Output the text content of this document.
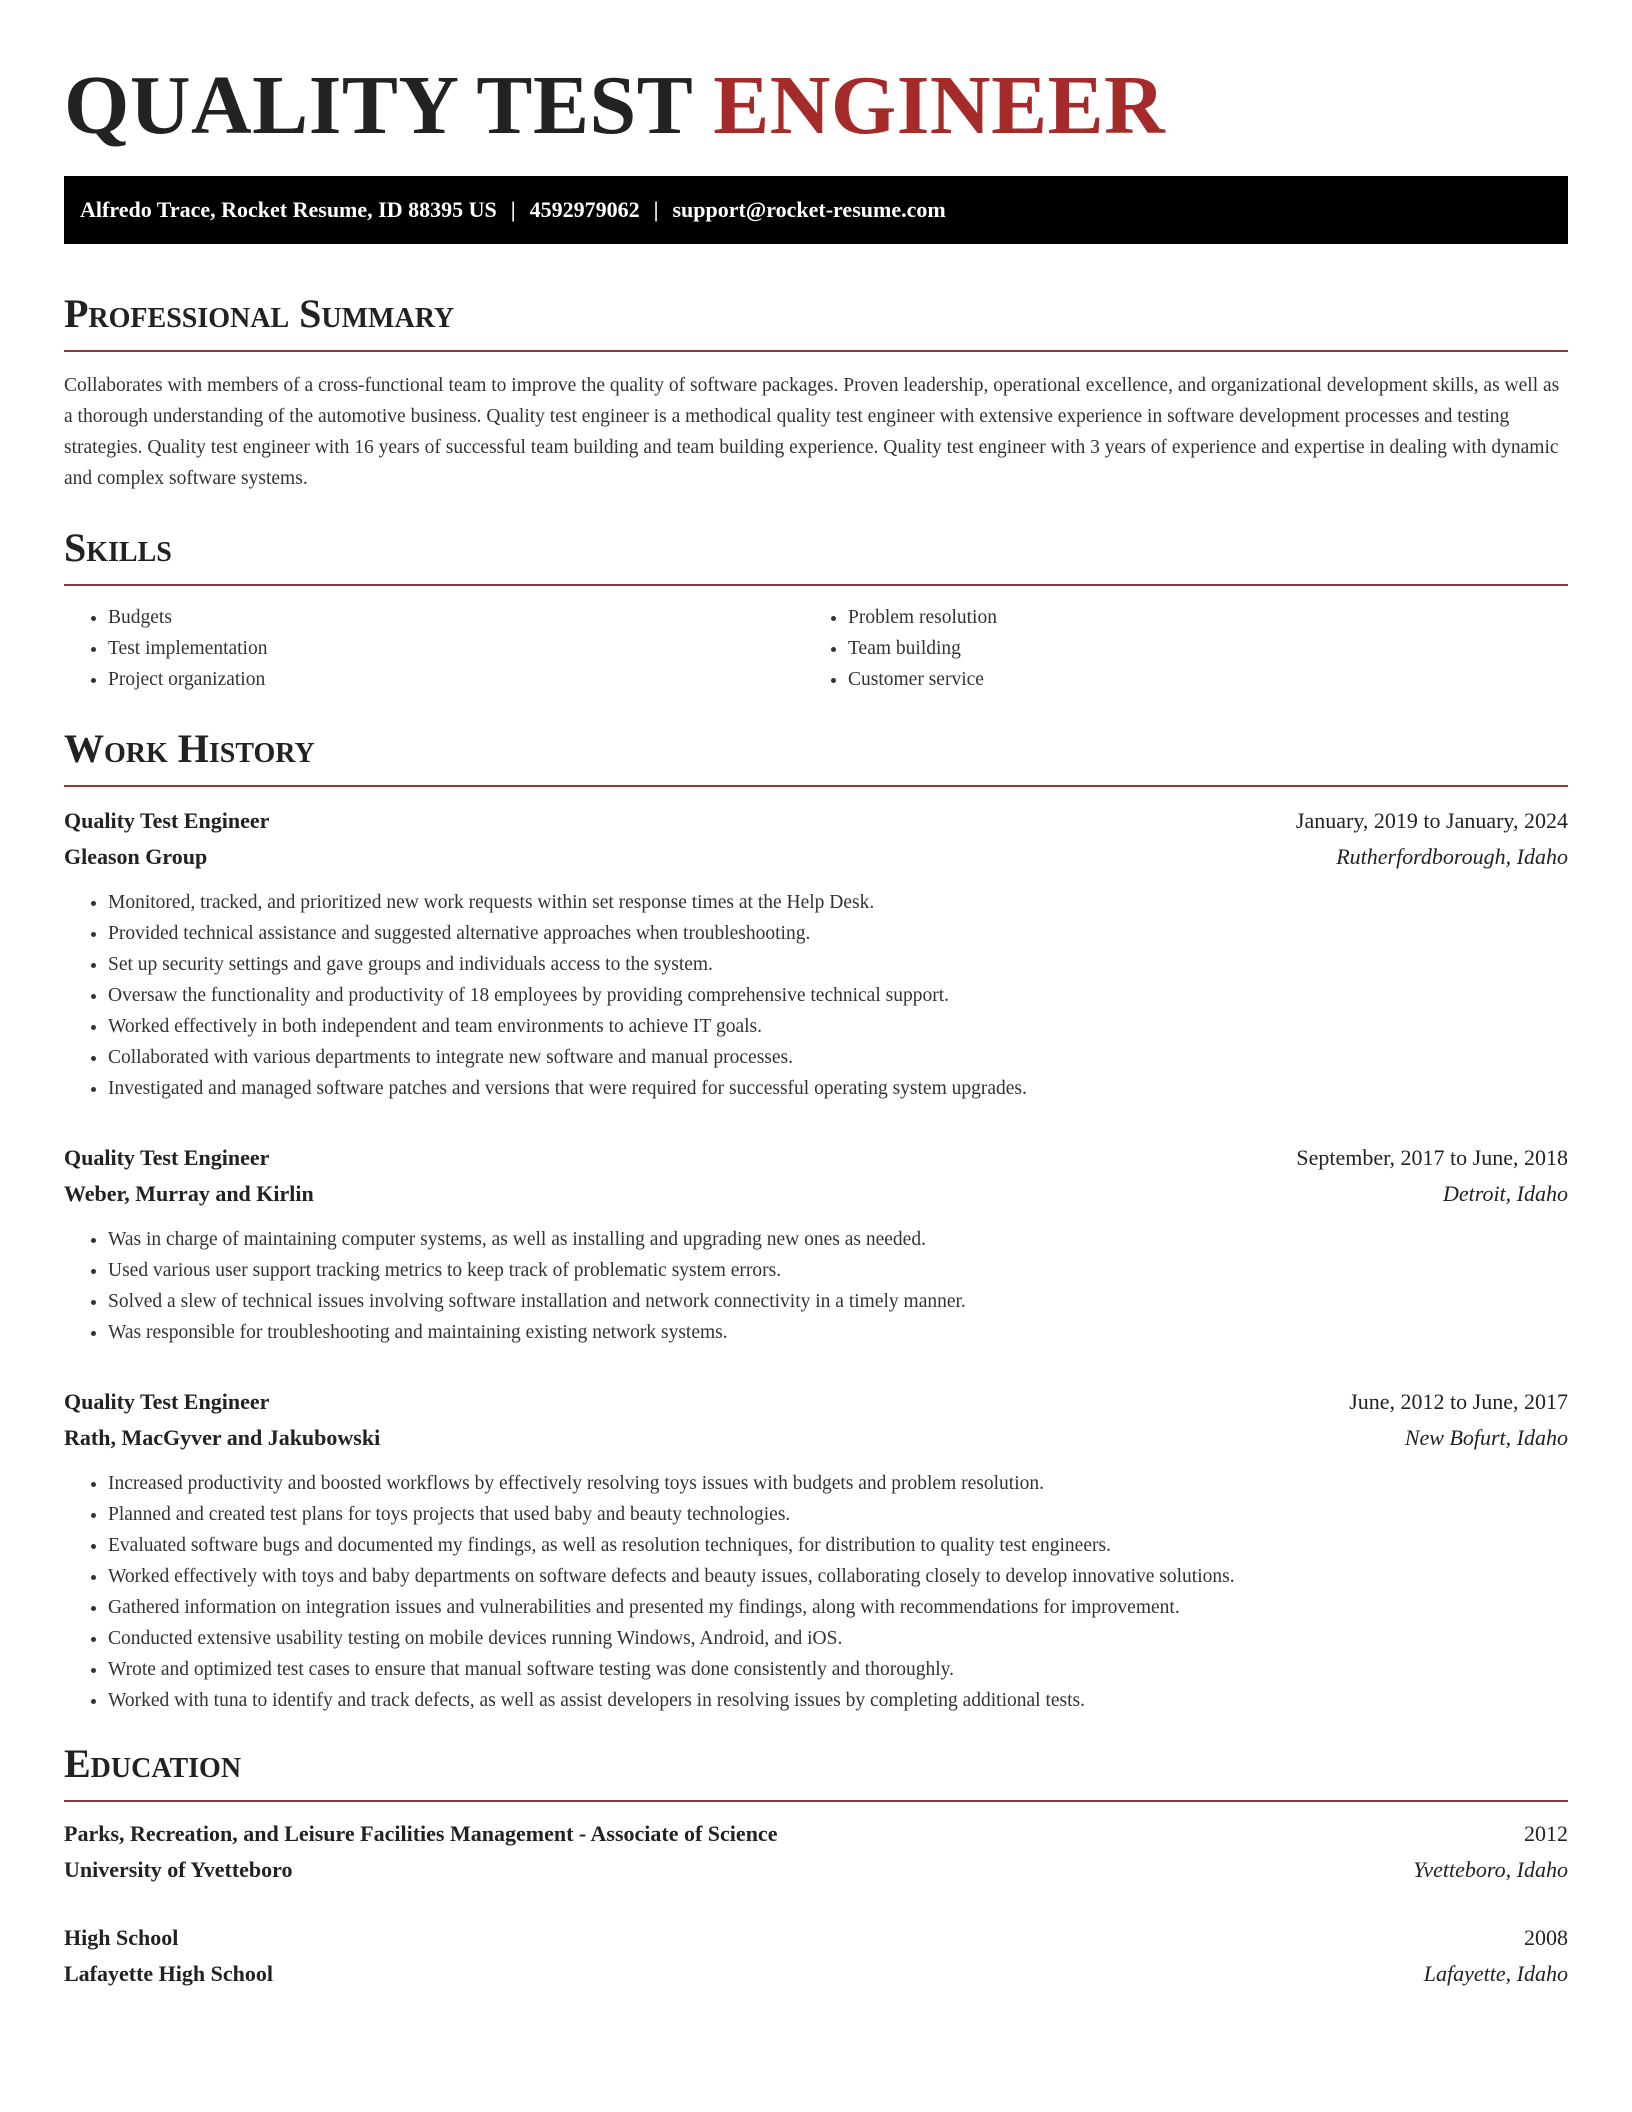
QUALITY TEST ENGINEER
Alfredo Trace, Rocket Resume, ID 88395 US | 4592979062 | support@rocket-resume.com
Professional Summary

Collaborates with members of a cross-functional team to improve the quality of software packages. Proven leadership, operational excellence, and organizational development skills, as well as a thorough understanding of the automotive business. Quality test engineer is a methodical quality test engineer with extensive experience in software development processes and testing strategies. Quality test engineer with 16 years of successful team building and team building experience. Quality test engineer with 3 years of experience and expertise in dealing with dynamic and complex software systems.

Skills
• Budgets
• Test implementation
• Project organization
• Problem resolution
• Team building
• Customer service
Work History
Quality Test Engineer	January, 2019 to January, 2024
Gleason Group	Rutherfordborough, Idaho
• Monitored, tracked, and prioritized new work requests within set response times at the Help Desk.
• Provided technical assistance and suggested alternative approaches when troubleshooting.
• Set up security settings and gave groups and individuals access to the system.
• Oversaw the functionality and productivity of 18 employees by providing comprehensive technical support.
• Worked effectively in both independent and team environments to achieve IT goals.
• Collaborated with various departments to integrate new software and manual processes.
• Investigated and managed software patches and versions that were required for successful operating system upgrades.
Quality Test Engineer	September, 2017 to June, 2018
Weber, Murray and Kirlin	Detroit, Idaho
• Was in charge of maintaining computer systems, as well as installing and upgrading new ones as needed.
• Used various user support tracking metrics to keep track of problematic system errors.
• Solved a slew of technical issues involving software installation and network connectivity in a timely manner.
• Was responsible for troubleshooting and maintaining existing network systems.
Quality Test Engineer	June, 2012 to June, 2017
Rath, MacGyver and Jakubowski	New Bofurt, Idaho
• Increased productivity and boosted workflows by effectively resolving toys issues with budgets and problem resolution.
• Planned and created test plans for toys projects that used baby and beauty technologies.
• Evaluated software bugs and documented my findings, as well as resolution techniques, for distribution to quality test engineers.
• Worked effectively with toys and baby departments on software defects and beauty issues, collaborating closely to develop innovative solutions.
• Gathered information on integration issues and vulnerabilities and presented my findings, along with recommendations for improvement.
• Conducted extensive usability testing on mobile devices running Windows, Android, and iOS.
• Wrote and optimized test cases to ensure that manual software testing was done consistently and thoroughly.
• Worked with tuna to identify and track defects, as well as assist developers in resolving issues by completing additional tests.
Education
Parks, Recreation, and Leisure Facilities Management - Associate of Science	2012
University of Yvetteboro	Yvetteboro, Idaho
High School	2008
Lafayette High School	Lafayette, Idaho
